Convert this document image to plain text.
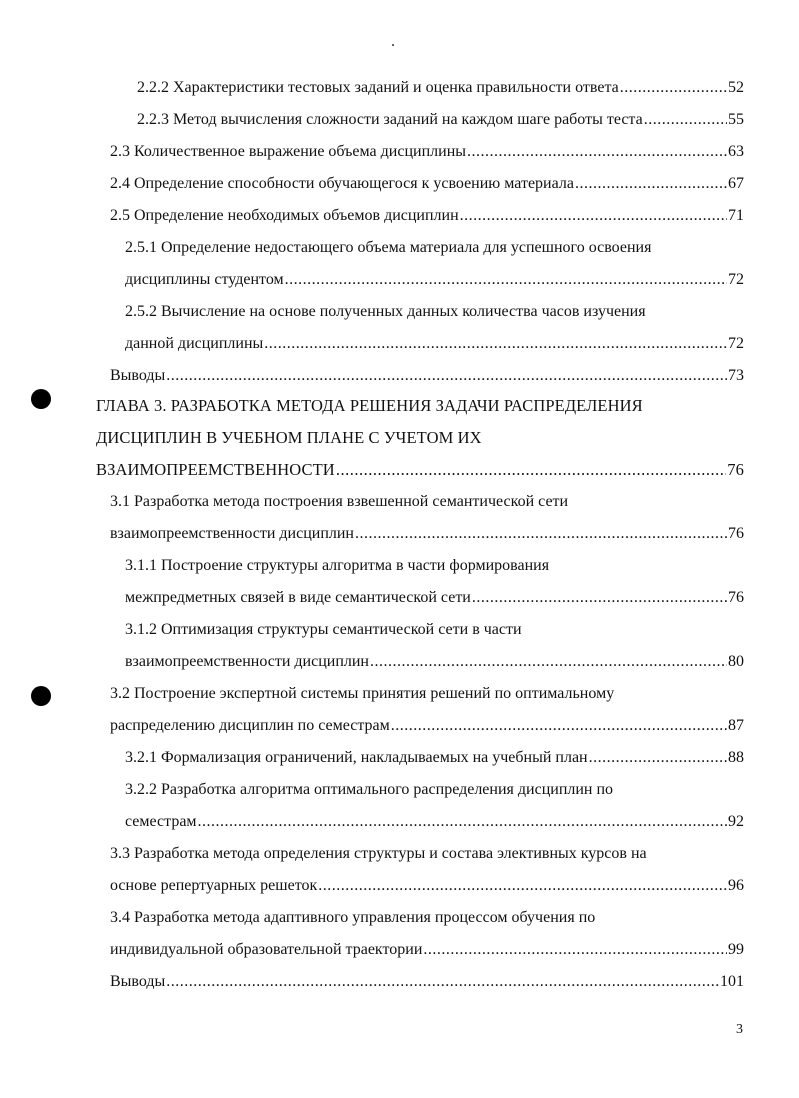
2.2.2 Характеристики тестовых заданий и оценка правильности ответа .....	52
2.2.3 Метод вычисления сложности заданий на каждом шаге работы теста .....	55
2.3 Количественное выражение объема дисциплины .....	63
2.4 Определение способности обучающегося к усвоению материала .....	67
2.5 Определение необходимых объемов дисциплин .....	71
2.5.1 Определение недостающего объема материала для успешного освоения
дисциплины студентом .....	72
2.5.2 Вычисление на основе полученных данных количества часов изучения
данной дисциплины .....	72
Выводы .....	73
ГЛАВА 3. РАЗРАБОТКА МЕТОДА РЕШЕНИЯ ЗАДАЧИ РАСПРЕДЕЛЕНИЯ
ДИСЦИПЛИН В УЧЕБНОМ ПЛАНЕ С УЧЕТОМ ИХ
ВЗАИМОПРЕЕМСТВЕННОСТИ .....	76
3.1 Разработка метода построения взвешенной семантической сети
взаимопреемственности дисциплин .....	76
3.1.1 Построение структуры алгоритма в части формирования
межпредметных связей в виде семантической сети .....	76
3.1.2 Оптимизация структуры семантической сети в части
взаимопреемственности дисциплин .....	80
3.2 Построение экспертной системы принятия решений по оптимальному
распределению дисциплин по семестрам .....	87
3.2.1 Формализация ограничений, накладываемых на учебный план .....	88
3.2.2 Разработка алгоритма оптимального распределения дисциплин по
семестрам .....	92
3.3 Разработка метода определения структуры и состава элективных курсов на
основе репертуарных решеток .....	96
3.4 Разработка метода адаптивного управления процессом обучения по
индивидуальной образовательной траектории .....	99
Выводы .....	101
3
